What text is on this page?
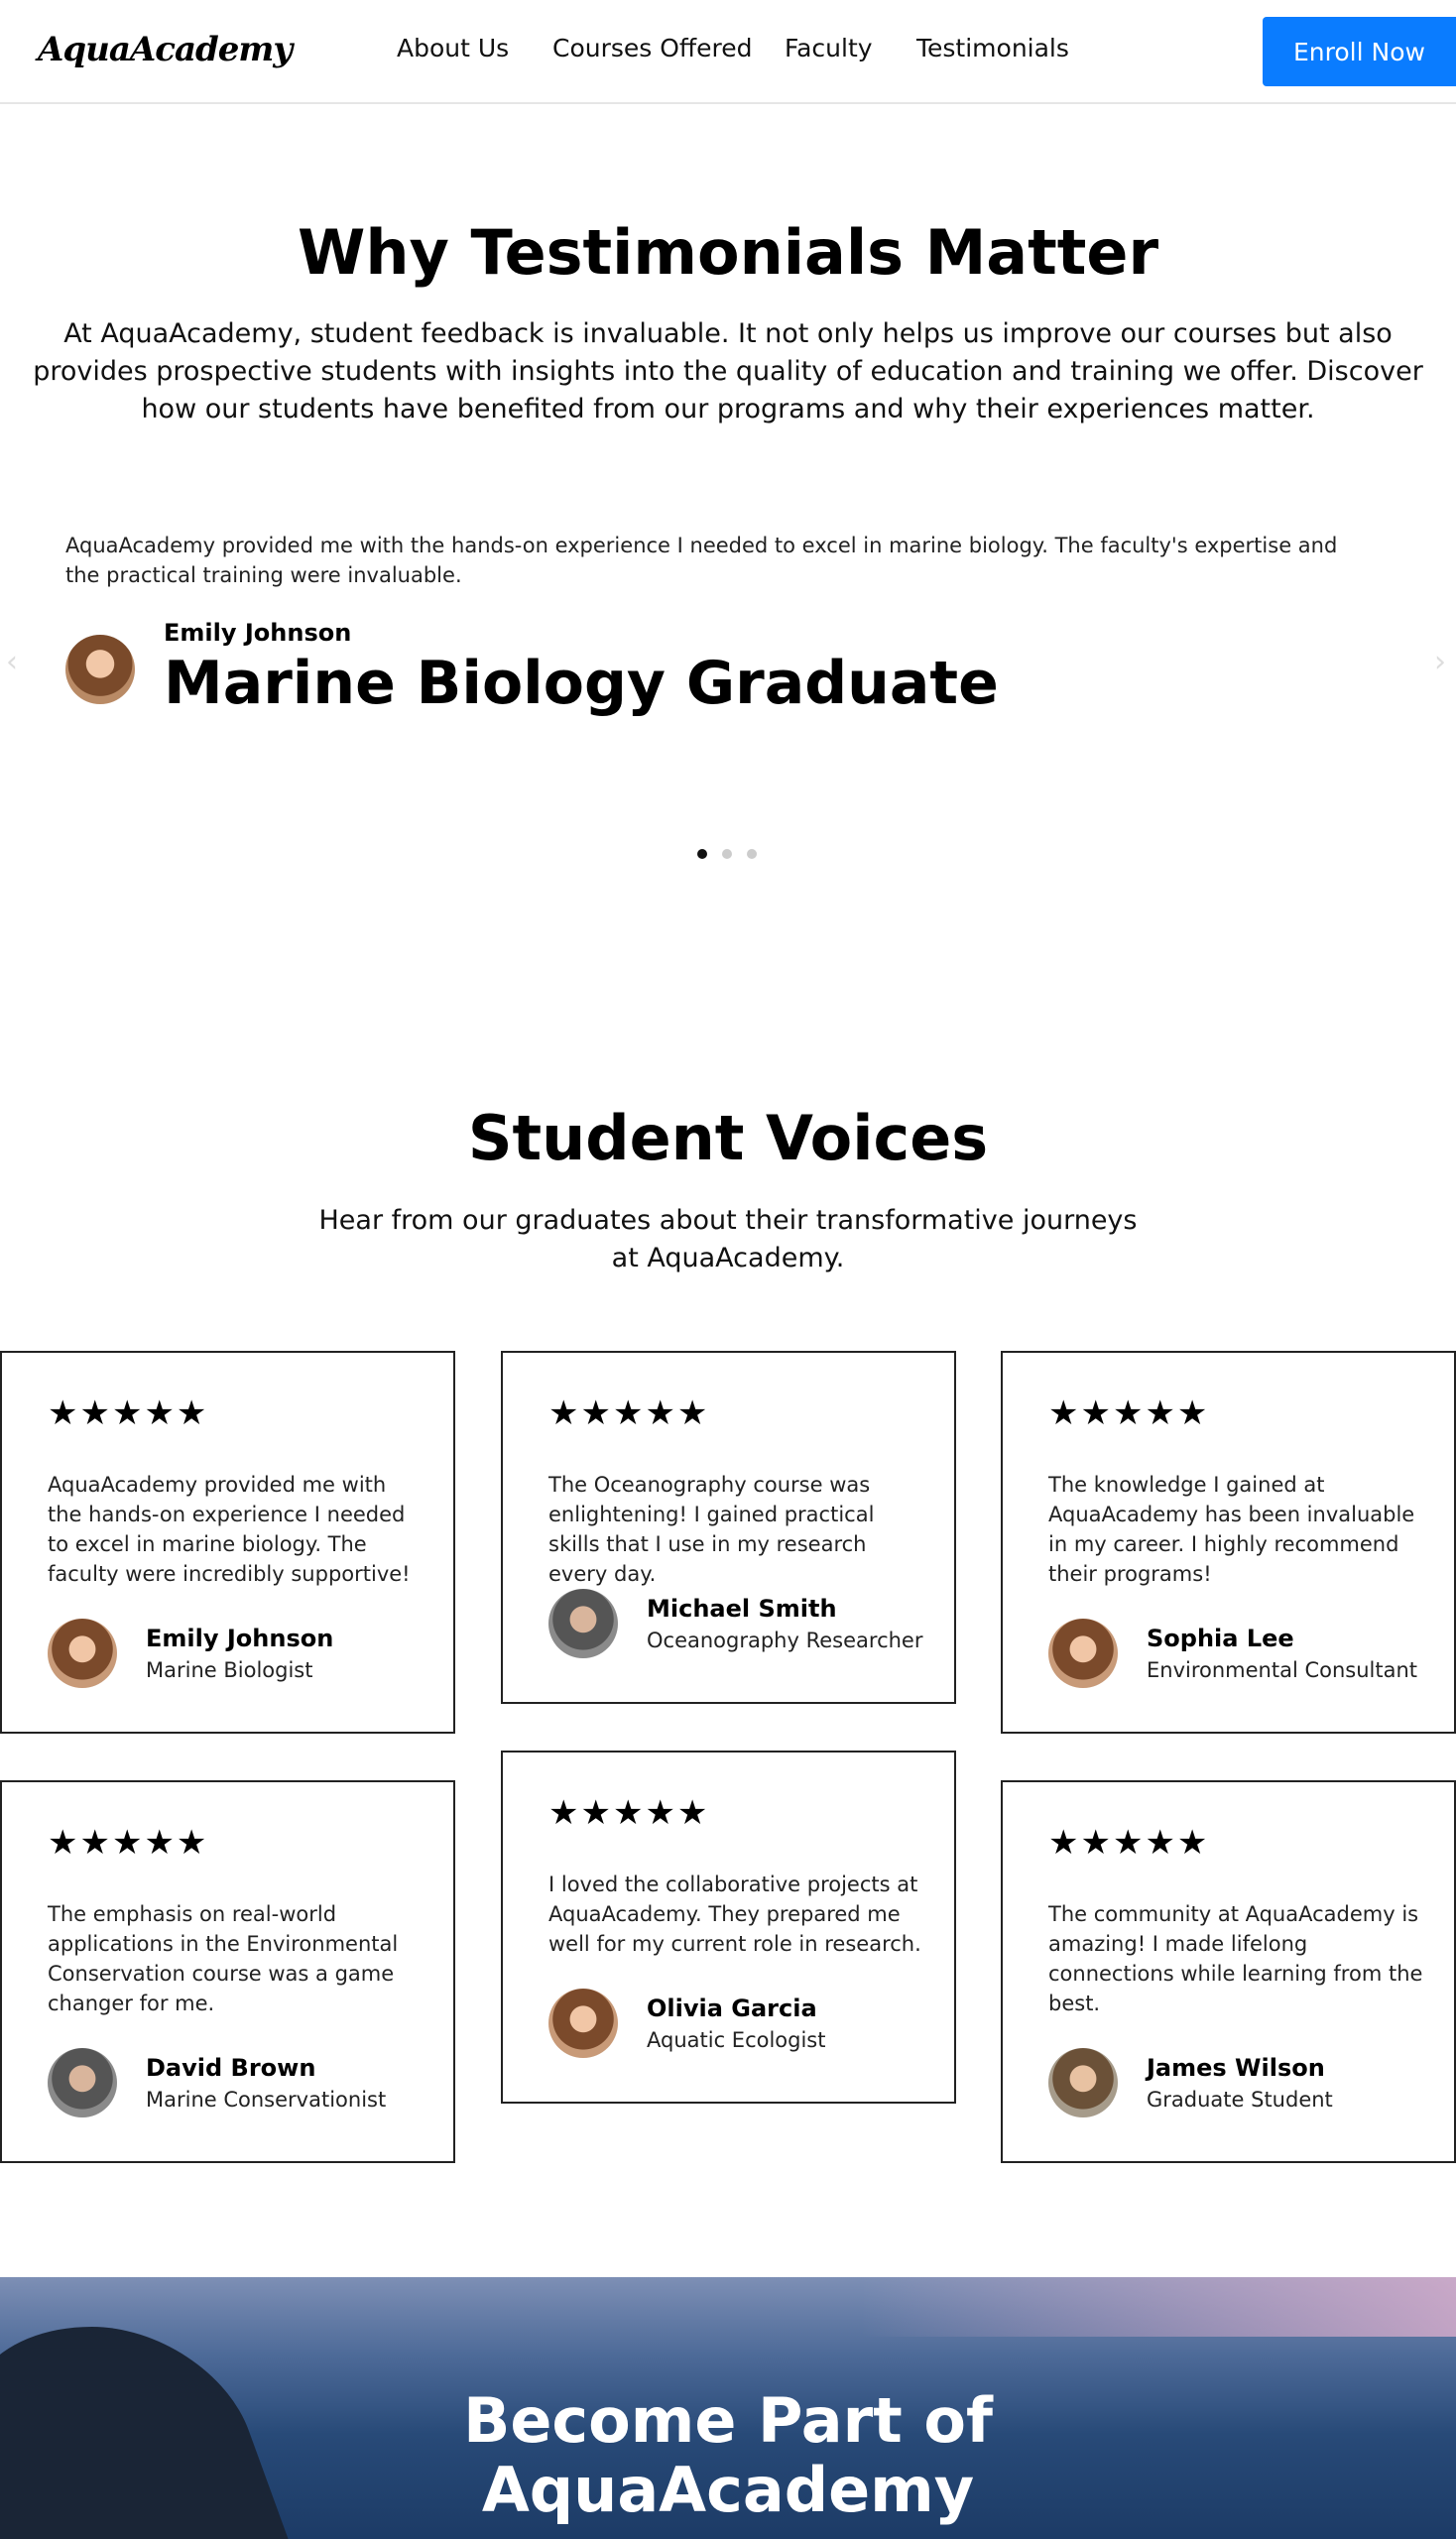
AquaAcademy	About Us Courses Offered Faculty Testimonials	Enroll Now
Why Testimonials Matter

At AquaAcademy, student feedback is invaluable. It not only helps us improve our courses but also provides prospective students with insights into the quality of education and training we offer. Discover how our students have benefited from our programs and why their experiences matter.

‹

AquaAcademy provided me with the hands-on experience I needed to excel in marine biology. The faculty's expertise and the practical training were invaluable.

Emily Johnson
Marine Biology Graduate	›
Student Voices

Hear from our graduates about their transformative journeys at AquaAcademy.

★★★★★

AquaAcademy provided me with the hands-on experience I needed to excel in marine biology. The faculty were incredibly supportive!

Emily Johnson
Marine Biologist
★★★★★

The Oceanography course was enlightening! I gained practical skills that I use in my research every day.

Michael Smith
Oceanography Researcher
★★★★★

The knowledge I gained at AquaAcademy has been invaluable in my career. I highly recommend their programs!

Sophia Lee
Environmental Consultant
★★★★★

The emphasis on real-world applications in the Environmental Conservation course was a game changer for me.

David Brown
Marine Conservationist
★★★★★

I loved the collaborative projects at AquaAcademy. They prepared me well for my current role in research.

Olivia Garcia
Aquatic Ecologist
★★★★★

The community at AquaAcademy is amazing! I made lifelong connections while learning from the best.

James Wilson
Graduate Student
Become Part of
AquaAcademy
